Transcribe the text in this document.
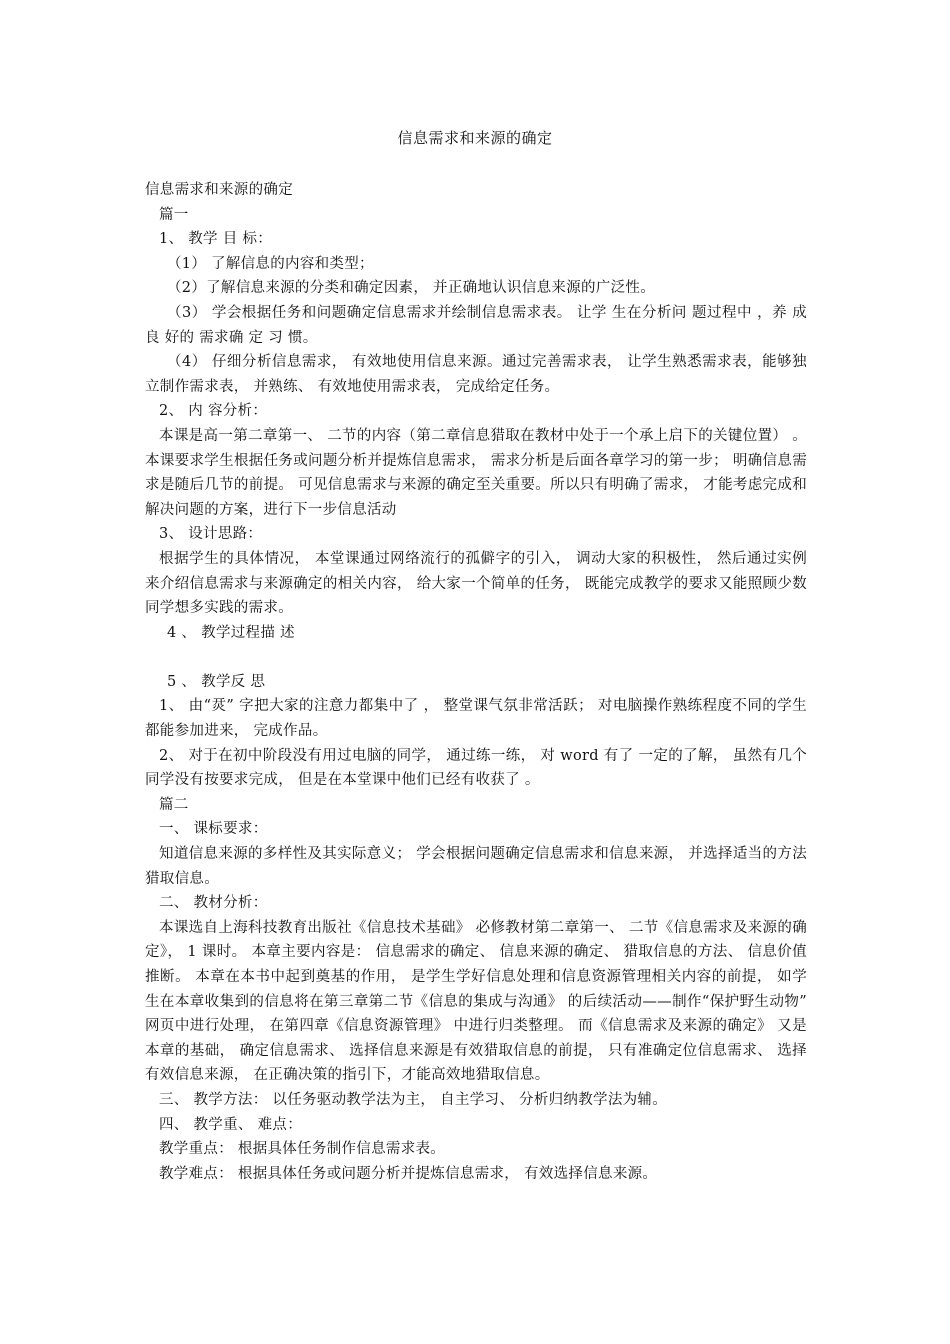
信息需求和来源的确定

信息需求和来源的确定

篇一

1、 教学 目 标：

（1） 了解信息的内容和类型；

（2）了解信息来源的分类和确定因素， 并正确地认识信息来源的广泛性。

（3） 学会根据任务和问题确定信息需求并绘制信息需求表。 让学 生在分析问 题过程中 ，养 成良 好的 需求确 定 习 惯。

（4） 仔细分析信息需求， 有效地使用信息来源。通过完善需求表， 让学生熟悉需求表，能够独立制作需求表， 并熟练、 有效地使用需求表， 完成给定任务。

2、 内 容分析：

本课是高一第二章第一、 二节的内容（第二章信息猎取在教材中处于一个承上启下的关键位置） 。 本课要求学生根据任务或问题分析并提炼信息需求， 需求分析是后面各章学习的第一步； 明确信息需求是随后几节的前提。 可见信息需求与来源的确定至关重要。所以只有明确了需求， 才能考虑完成和解决问题的方案，进行下一步信息活动

3、 设计思路：

根据学生的具体情况， 本堂课通过网络流行的孤僻字的引入， 调动大家的积极性， 然后通过实例来介绍信息需求与来源确定的相关内容， 给大家一个简单的任务， 既能完成教学的要求又能照顾少数同学想多实践的需求。

4 、 教学过程描 述

5 、 教学反 思

1、 由“烎” 字把大家的注意力都集中了 ， 整堂课气氛非常活跃； 对电脑操作熟练程度不同的学生都能参加进来， 完成作品。

2、 对于在初中阶段没有用过电脑的同学， 通过练一练， 对 word 有了 一定的了解， 虽然有几个同学没有按要求完成， 但是在本堂课中他们已经有收获了 。

篇二

一、 课标要求：

知道信息来源的多样性及其实际意义； 学会根据问题确定信息需求和信息来源， 并选择适当的方法猎取信息。

二、 教材分析：

本课选自上海科技教育出版社《信息技术基础》 必修教材第二章第一、 二节《信息需求及来源的确定》， 1 课时。 本章主要内容是： 信息需求的确定、 信息来源的确定、 猎取信息的方法、 信息价值推断。 本章在本书中起到奠基的作用， 是学生学好信息处理和信息资源管理相关内容的前提， 如学生在本章收集到的信息将在第三章第二节《信息的集成与沟通》 的后续活动——制作“保护野生动物” 网页中进行处理， 在第四章《信息资源管理》 中进行归类整理。 而《信息需求及来源的确定》 又是本章的基础， 确定信息需求、 选择信息来源是有效猎取信息的前提， 只有准确定位信息需求、 选择有效信息来源， 在正确决策的指引下，才能高效地猎取信息。

三、 教学方法： 以任务驱动教学法为主， 自主学习、 分析归纳教学法为辅。

四、 教学重、 难点：

教学重点： 根据具体任务制作信息需求表。

教学难点： 根据具体任务或问题分析并提炼信息需求， 有效选择信息来源。
